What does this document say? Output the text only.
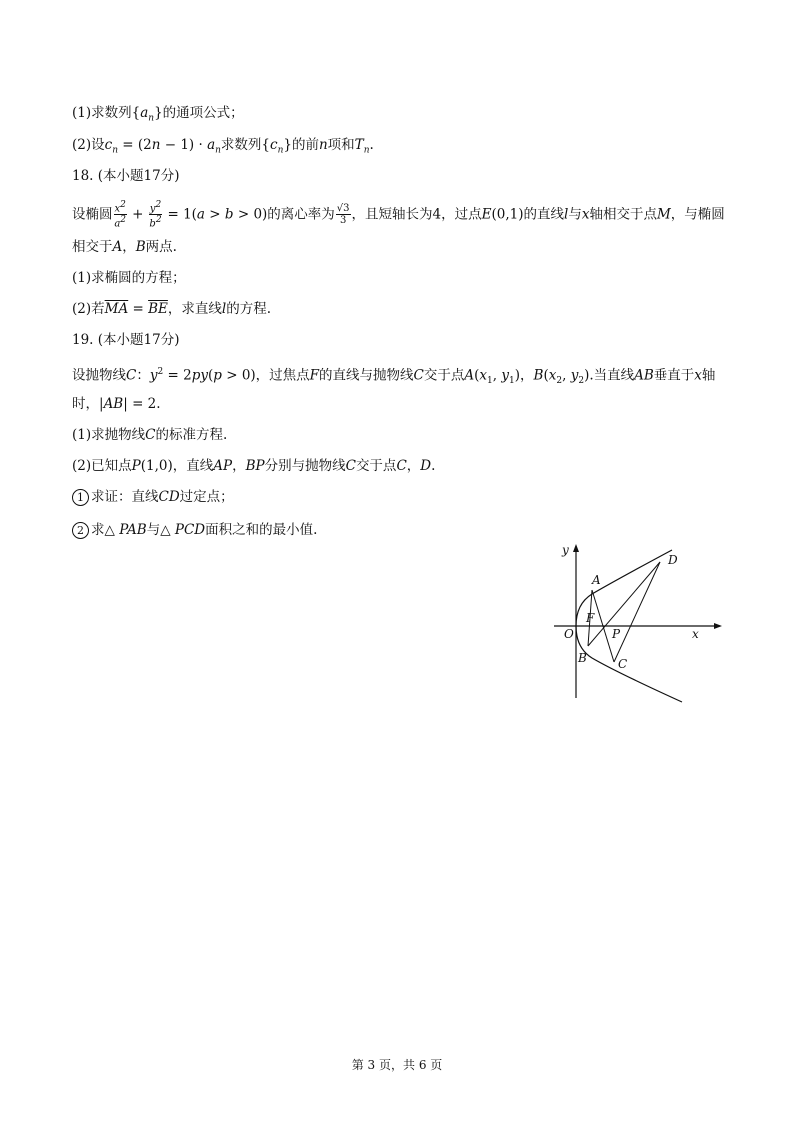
(1)求数列$\{a_n\}$的通项公式；
(2)设$c_n = (2n - 1) \cdot a_n$求数列$\{c_n\}$的前n项和$T_n$.
18. (本小题17分)
设椭圆 $\frac{x^2}{a^2} + \frac{y^2}{b^2} = 1(a > b > 0)$的离心率为 $\frac{√3}{3}$ ，且短轴长为4，过点E(0,1)的直线l与x轴相交于点M，与椭圆
相交于A，B两点.
(1)求椭圆的方程；
(2)若$\overline{MA} = \overline{BE}$，求直线l的方程.
19. (本小题17分)
设抛物线C：$y^2 = 2py(p > 0)$，过焦点F的直线与抛物线C交于点$A(x_1$, $y_1$)，$B(x_2$, $y_2$).当直线AB垂直于x轴
时，|AB| = 2.
(1)求抛物线C的标准方程.
(2)已知点P(1,0)，直线AP，BP分别与抛物线C交于点C，D.
1 求证：直线CD过定点；
2 求△ PAB与△ PCD面积之和的最小值.
y
x
O
A
B	C
D
F
P
第 3 页，共 6 页
